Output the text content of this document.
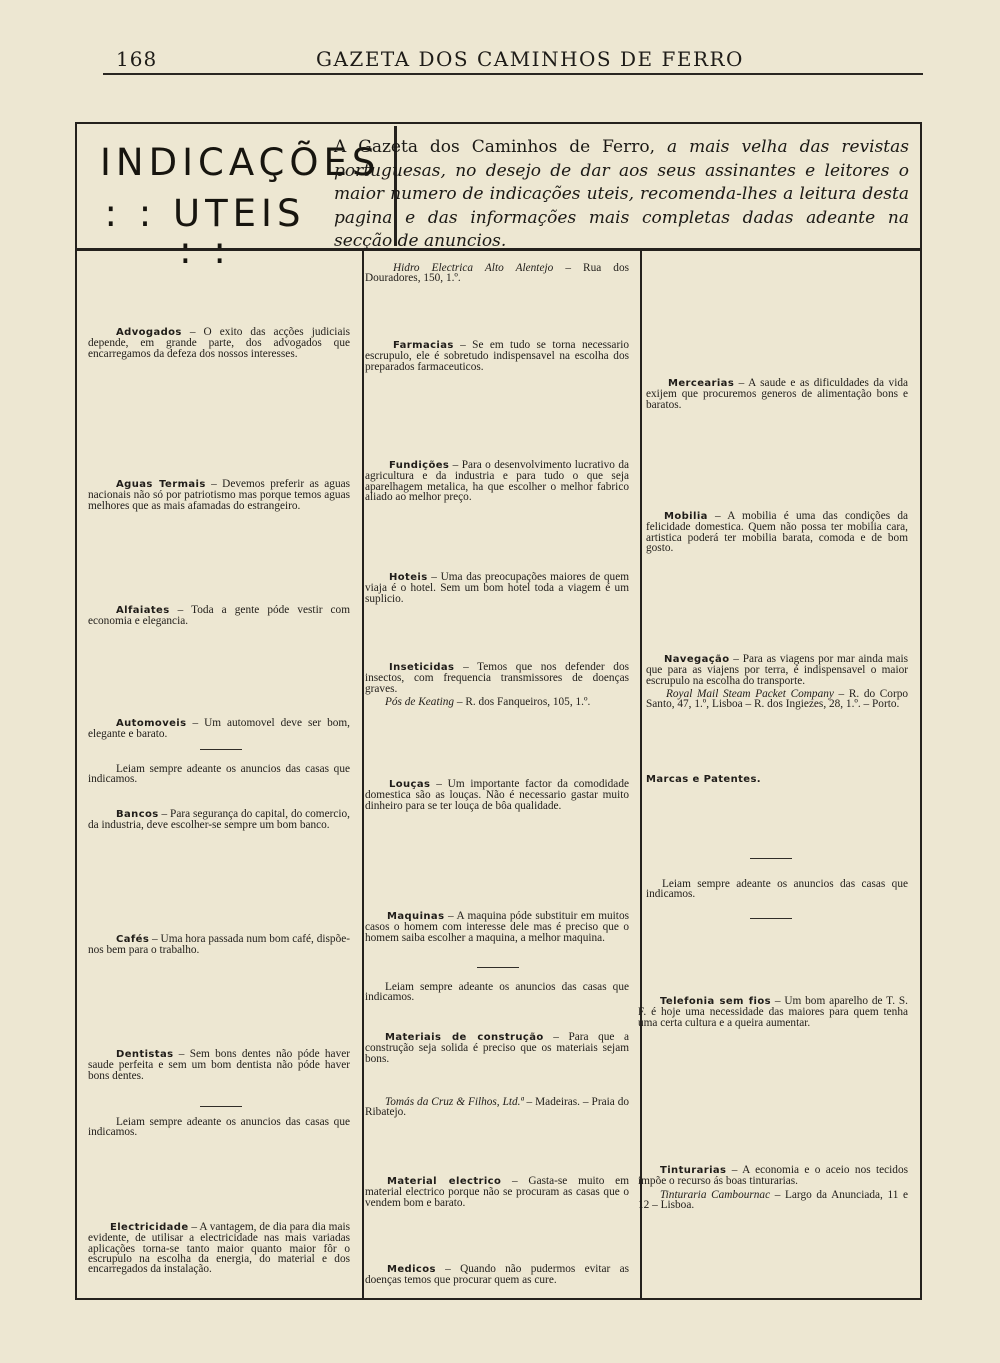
168	GAZETA DOS CAMINHOS DE FERRO
INDICAÇÕES
: : UTEIS : :
A Gazeta dos Caminhos de Ferro, a mais velha das revistas portuguesas, no desejo de dar aos seus assinantes e leitores o maior numero de indicações uteis, recomenda-lhes a leitura desta pagina e das informações mais completas dadas adeante na secção de anuncios.
Advogados – O exito das acções judiciais depende, em grande parte, dos advogados que encarregamos da defeza dos nossos interesses.
Aguas Termais – Devemos preferir as aguas nacionais não só por patriotismo mas porque temos aguas melhores que as mais afamadas do estrangeiro.
Alfaiates – Toda a gente póde vestir com economia e elegancia.
Automoveis – Um automovel deve ser bom, elegante e barato.
Leiam sempre adeante os anuncios das casas que indicamos.
Bancos – Para segurança do capital, do comercio, da industria, deve escolher-se sempre um bom banco.
Cafés – Uma hora passada num bom café, dispõe-nos bem para o trabalho.
Dentistas – Sem bons dentes não póde haver saude perfeita e sem um bom dentista não póde haver bons dentes.
Leiam sempre adeante os anuncios das casas que indicamos.
Electricidade – A vantagem, de dia para dia mais evidente, de utilisar a electricidade nas mais variadas aplicações torna-se tanto maior quanto maior fôr o escrupulo na escolha da energia, do material e dos encarregados da instalação.
Hidro Electrica Alto Alentejo – Rua dos Douradores, 150, 1.º.
Farmacias – Se em tudo se torna necessario escrupulo, ele é sobretudo indispensavel na escolha dos preparados farmaceuticos.
Fundições – Para o desenvolvimento lucrativo da agricultura e da industria e para tudo o que seja aparelhagem metalica, ha que escolher o melhor fabrico aliado ao melhor preço.
Hoteis – Uma das preocupações maiores de quem viaja é o hotel. Sem um bom hotel toda a viagem é um suplicio.
Inseticidas – Temos que nos defender dos insectos, com frequencia transmissores de doenças graves.
Pós de Keating – R. dos Fanqueiros, 105, 1.º.
Louças – Um importante factor da comodidade domestica são as louças. Não é necessario gastar muito dinheiro para se ter louça de bôa qualidade.
Maquinas – A maquina póde substituir em muitos casos o homem com interesse dele mas é preciso que o homem saiba escolher a maquina, a melhor maquina.
Leiam sempre adeante os anuncios das casas que indicamos.
Materiais de construção – Para que a construção seja solida é preciso que os materiais sejam bons.
Tomás da Cruz & Filhos, Ltd.ª – Madeiras. – Praia do Ribatejo.
Material electrico – Gasta-se muito em material electrico porque não se procuram as casas que o vendem bom e barato.
Medicos – Quando não pudermos evitar as doenças temos que procurar quem as cure.
Mercearias – A saude e as dificuldades da vida exijem que procuremos generos de alimentação bons e baratos.
Mobilia – A mobilia é uma das condições da felicidade domestica. Quem não possa ter mobilia cara, artistica poderá ter mobilia barata, comoda e de bom gosto.
Navegação – Para as viagens por mar ainda mais que para as viajens por terra, é indispensavel o maior escrupulo na escolha do transporte.
Royal Mail Steam Packet Company – R. do Corpo Santo, 47, 1.º, Lisboa – R. dos Ingiezes, 28, 1.º. – Porto.
Marcas e Patentes.
Leiam sempre adeante os anuncios das casas que indicamos.
Telefonia sem fios – Um bom aparelho de T. S. F. é hoje uma necessidade das maiores para quem tenha uma certa cultura e a queira aumentar.
Tinturarias – A economia e o aceio nos tecidos impõe o recurso ás boas tinturarias.
Tinturaria Cambournac – Largo da Anunciada, 11 e 12 – Lisboa.
